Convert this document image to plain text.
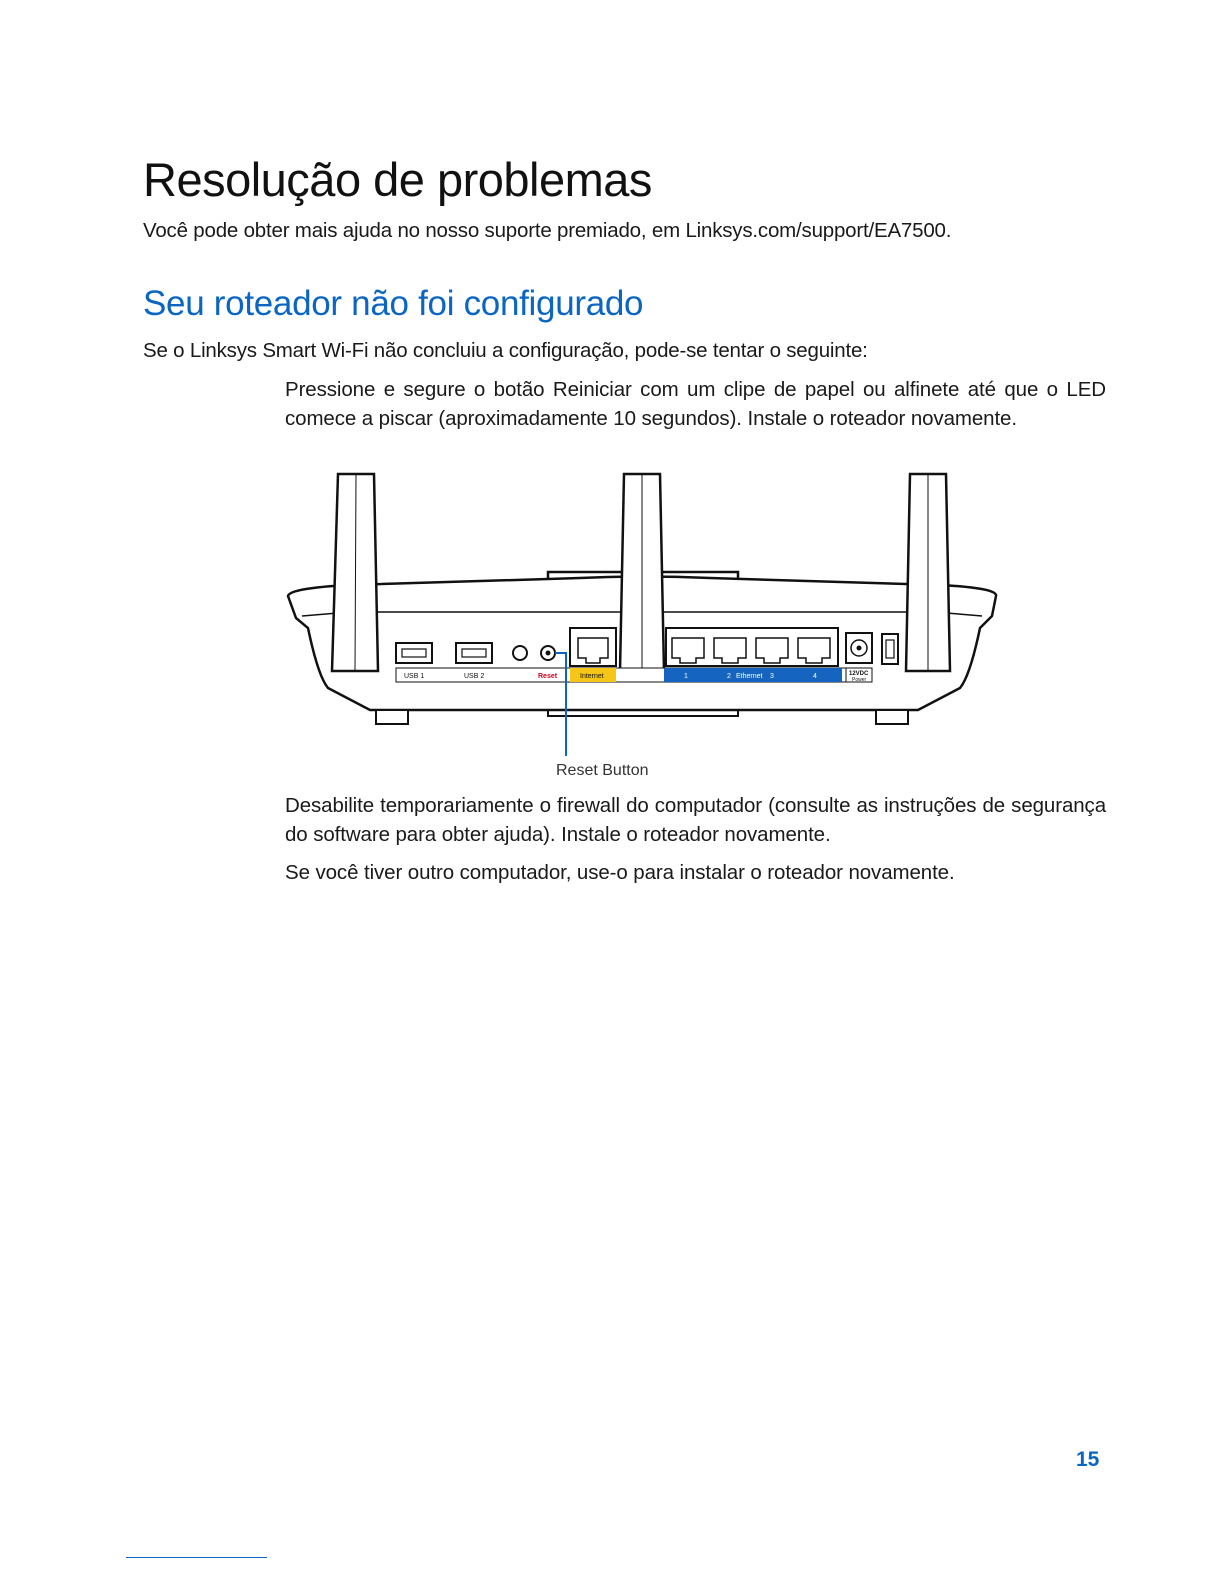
Resolução de problemas

Você pode obter mais ajuda no nosso suporte premiado, em Linksys.com/support/EA7500.

Seu roteador não foi configurado

Se o Linksys Smart Wi-Fi não concluiu a configuração, pode-se tentar o seguinte:

Pressione e segure o botão Reiniciar com um clipe de papel ou alfinete até que o LED comece a piscar (aproximadamente 10 segundos). Instale o roteador novamente.

USB 1	USB 2	Reset	Internet	1	2 Ethernet 3	4	12VDC
Power
Reset Button

Desabilite temporariamente o firewall do computador (consulte as instruções de segurança do software para obter ajuda). Instale o roteador novamente.

Se você tiver outro computador, use-o para instalar o roteador novamente.

15
